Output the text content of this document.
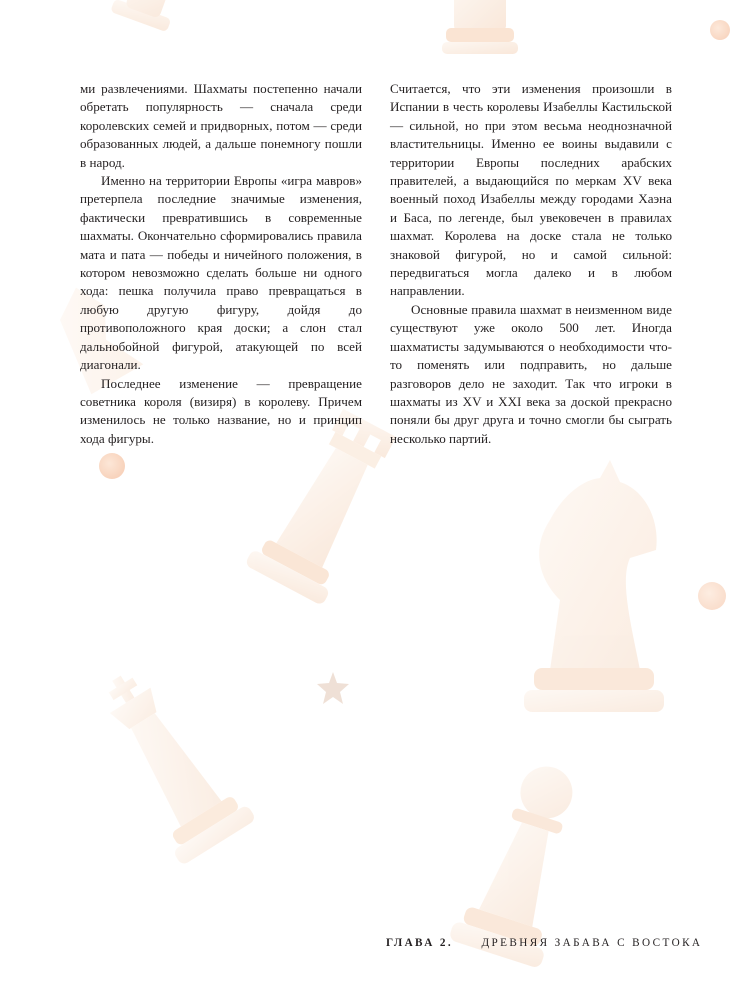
ми развлечениями. Шахматы постепенно начали обретать популярность — сначала среди королевских семей и придворных, потом — среди образованных людей, а дальше понемногу пошли в народ.

Именно на территории Европы «игра мавров» претерпела последние значимые изменения, фактически превратившись в современные шахматы. Окончательно сформировались правила мата и пата — победы и ничейного положения, в котором невозможно сделать больше ни одного хода: пешка получила право превращаться в любую другую фигуру, дойдя до противоположного края доски; а слон стал дальнобойной фигурой, атакующей по всей диагонали.

Последнее изменение — превращение советника короля (визиря) в королеву. Причем изменилось не только название, но и принцип хода фигуры.

Считается, что эти изменения произошли в Испании в честь королевы Изабеллы Кастильской — сильной, но при этом весьма неоднозначной властительницы. Именно ее воины выдавили с территории Европы последних арабских правителей, а выдающийся по меркам XV века военный поход Изабеллы между городами Хаэна и Баса, по легенде, был увековечен в правилах шахмат. Королева на доске стала не только знаковой фигурой, но и самой сильной: передвигаться могла далеко и в любом направлении.

Основные правила шахмат в неизменном виде существуют уже около 500 лет. Иногда шахматисты задумываются о необходимости что-то поменять или подправить, но дальше разговоров дело не заходит. Так что игроки в шахматы из XV и XXI века за доской прекрасно поняли бы друг друга и точно смогли бы сыграть несколько партий.

ГЛАВА 2.	ДРЕВНЯЯ ЗАБАВА С ВОСТОКА
